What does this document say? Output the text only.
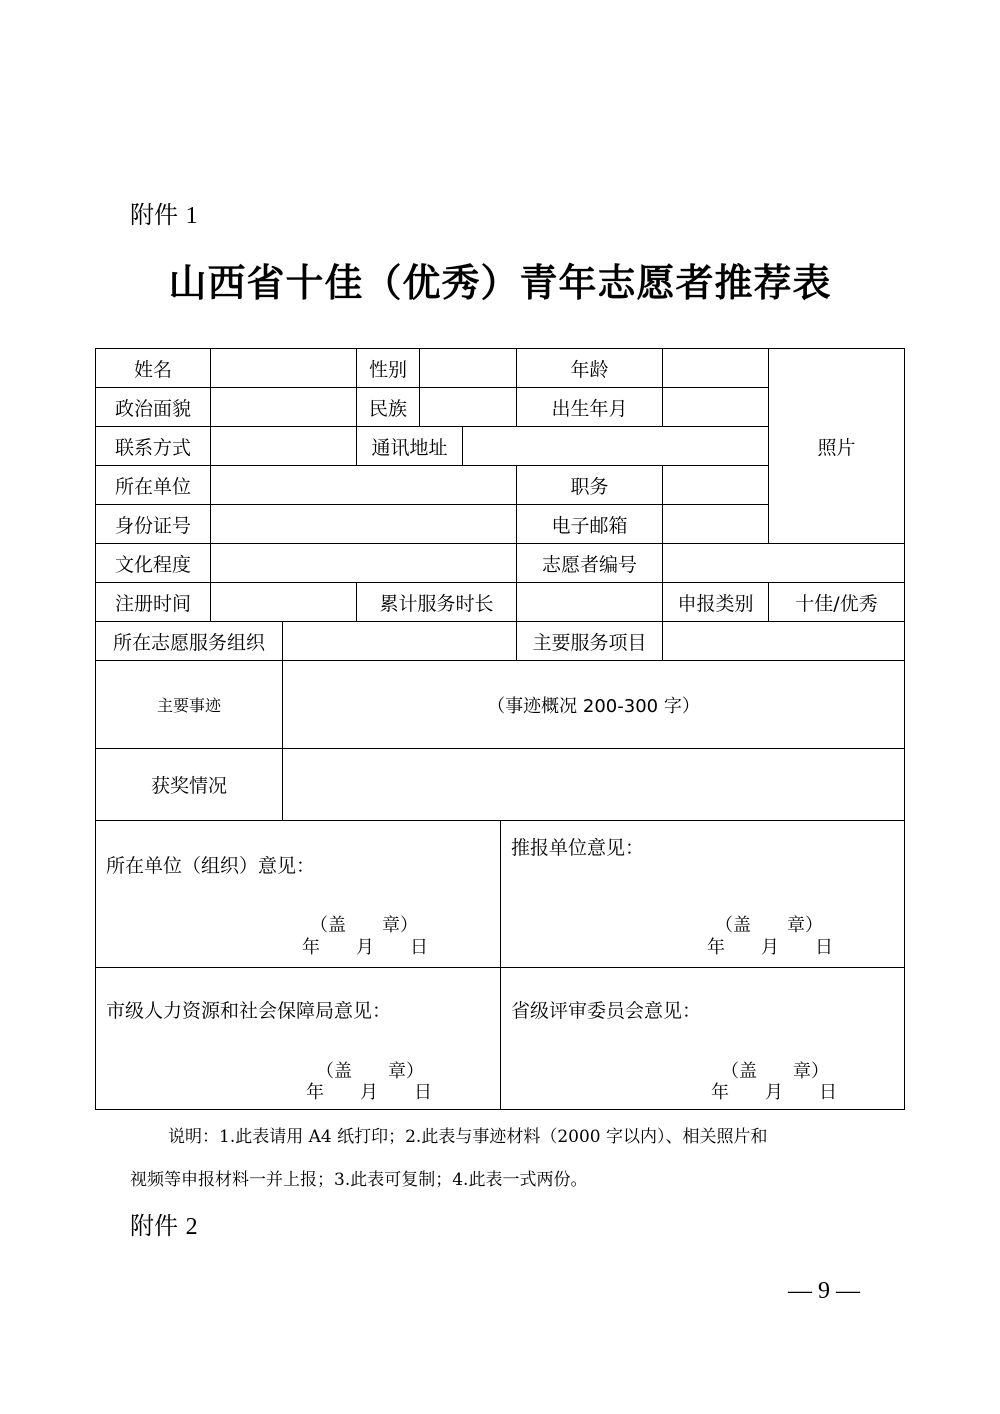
附件 1
山西省十佳（优秀）青年志愿者推荐表
姓名	性别	年龄
照片
政治面貌	民族	出生年月
联系方式	通讯地址
所在单位	职务
身份证号	电子邮箱
文化程度	志愿者编号
注册时间	累计服务时长	申报类别	十佳/优秀
所在志愿服务组织	主要服务项目
主要事迹	（事迹概况 200-300 字）
获奖情况
所在单位（组织）意见：
（盖　　章）
年　　月　　日
推报单位意见：
（盖　　章）
年　　月　　日
市级人力资源和社会保障局意见：
（盖　　章）
年　　月　　日
省级评审委员会意见：
（盖　　章）
年　　月　　日
说明：1.此表请用 A4 纸打印；2.此表与事迹材料（2000 字以内）、相关照片和
视频等申报材料一并上报；3.此表可复制；4.此表一式两份。
附件 2
— 9 —
